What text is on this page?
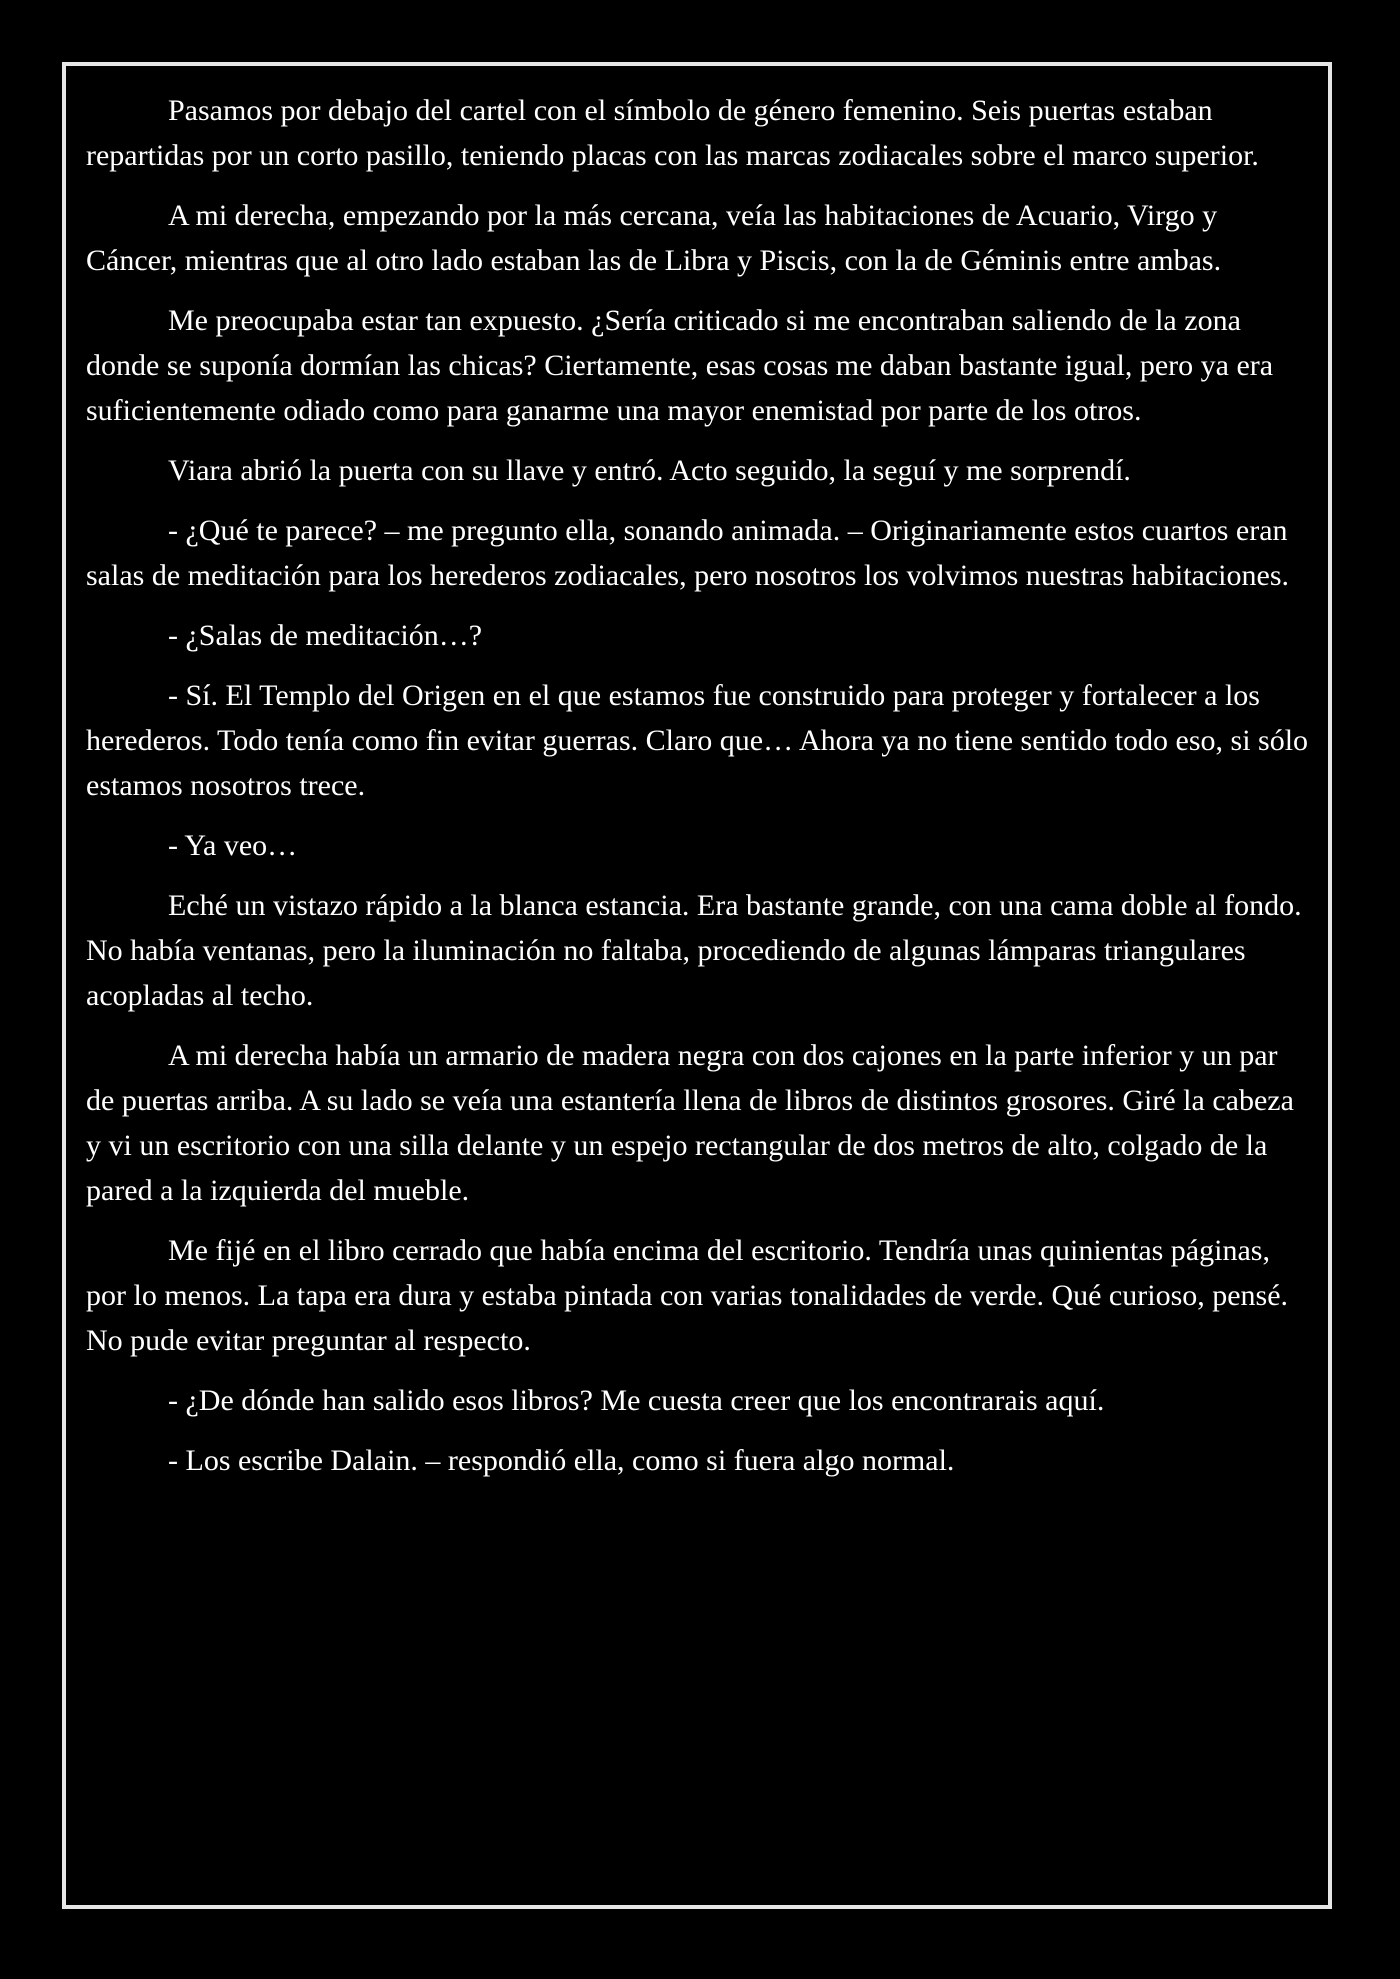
Pasamos por debajo del cartel con el símbolo de género femenino. Seis puertas estaban repartidas por un corto pasillo, teniendo placas con las marcas zodiacales sobre el marco superior.

A mi derecha, empezando por la más cercana, veía las habitaciones de Acuario, Virgo y Cáncer, mientras que al otro lado estaban las de Libra y Piscis, con la de Géminis entre ambas.

Me preocupaba estar tan expuesto. ¿Sería criticado si me encontraban saliendo de la zona donde se suponía dormían las chicas? Ciertamente, esas cosas me daban bastante igual, pero ya era suficientemente odiado como para ganarme una mayor enemistad por parte de los otros.

Viara abrió la puerta con su llave y entró. Acto seguido, la seguí y me sorprendí.

- ¿Qué te parece? – me pregunto ella, sonando animada. – Originariamente estos cuartos eran salas de meditación para los herederos zodiacales, pero nosotros los volvimos nuestras habitaciones.

- ¿Salas de meditación…?

- Sí. El Templo del Origen en el que estamos fue construido para proteger y fortalecer a los herederos. Todo tenía como fin evitar guerras. Claro que… Ahora ya no tiene sentido todo eso, si sólo estamos nosotros trece.

- Ya veo…

Eché un vistazo rápido a la blanca estancia. Era bastante grande, con una cama doble al fondo. No había ventanas, pero la iluminación no faltaba, procediendo de algunas lámparas triangulares acopladas al techo.

A mi derecha había un armario de madera negra con dos cajones en la parte inferior y un par de puertas arriba. A su lado se veía una estantería llena de libros de distintos grosores. Giré la cabeza y vi un escritorio con una silla delante y un espejo rectangular de dos metros de alto, colgado de la pared a la izquierda del mueble.

Me fijé en el libro cerrado que había encima del escritorio. Tendría unas quinientas páginas, por lo menos. La tapa era dura y estaba pintada con varias tonalidades de verde. Qué curioso, pensé. No pude evitar preguntar al respecto.

- ¿De dónde han salido esos libros? Me cuesta creer que los encontrarais aquí.

- Los escribe Dalain. – respondió ella, como si fuera algo normal.
